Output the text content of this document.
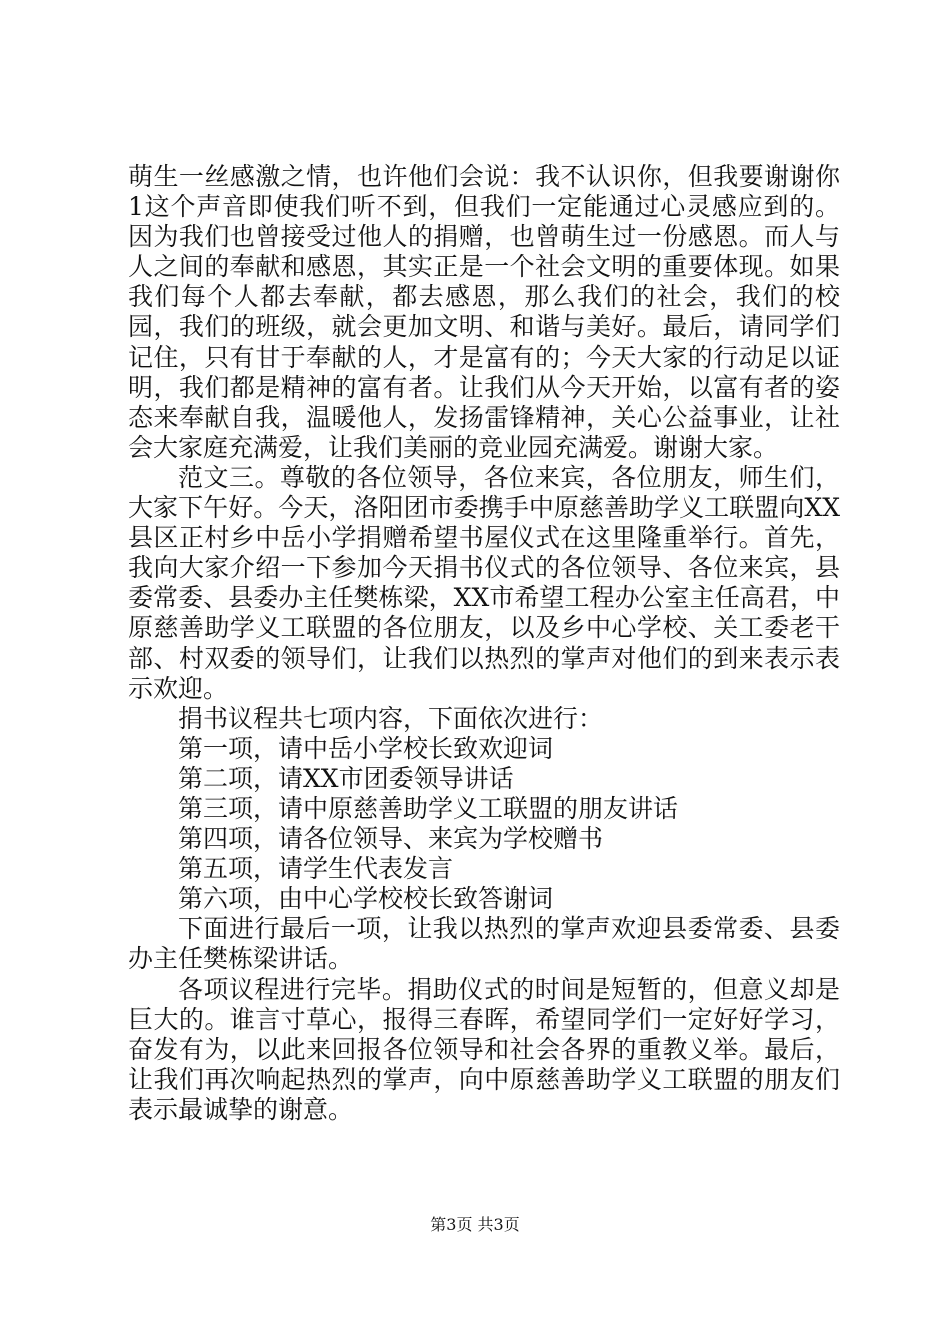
萌生一丝感激之情，也许他们会说：我不认识你，但我要谢谢你1这个声音即使我们听不到，但我们一定能通过心灵感应到的。因为我们也曾接受过他人的捐赠，也曾萌生过一份感恩。而人与人之间的奉献和感恩，其实正是一个社会文明的重要体现。如果我们每个人都去奉献，都去感恩，那么我们的社会，我们的校园，我们的班级，就会更加文明、和谐与美好。最后，请同学们记住，只有甘于奉献的人，才是富有的；今天大家的行动足以证明，我们都是精神的富有者。让我们从今天开始，以富有者的姿态来奉献自我，温暖他人，发扬雷锋精神，关心公益事业，让社会大家庭充满爱，让我们美丽的竞业园充满爱。谢谢大家。

范文三。尊敬的各位领导，各位来宾，各位朋友，师生们，大家下午好。今天，洛阳团市委携手中原慈善助学义工联盟向XX县区正村乡中岳小学捐赠希望书屋仪式在这里隆重举行。首先，我向大家介绍一下参加今天捐书仪式的各位领导、各位来宾，县委常委、县委办主任樊栋梁，XX市希望工程办公室主任高君，中原慈善助学义工联盟的各位朋友，以及乡中心学校、关工委老干部、村双委的领导们，让我们以热烈的掌声对他们的到来表示表示欢迎。

捐书议程共七项内容，下面依次进行：

第一项，请中岳小学校长致欢迎词

第二项，请XX市团委领导讲话

第三项，请中原慈善助学义工联盟的朋友讲话

第四项，请各位领导、来宾为学校赠书

第五项，请学生代表发言

第六项，由中心学校校长致答谢词

下面进行最后一项，让我以热烈的掌声欢迎县委常委、县委办主任樊栋梁讲话。

各项议程进行完毕。捐助仪式的时间是短暂的，但意义却是巨大的。谁言寸草心，报得三春晖，希望同学们一定好好学习，奋发有为，以此来回报各位领导和社会各界的重教义举。最后，让我们再次响起热烈的掌声，向中原慈善助学义工联盟的朋友们表示最诚挚的谢意。

第3页 共3页
